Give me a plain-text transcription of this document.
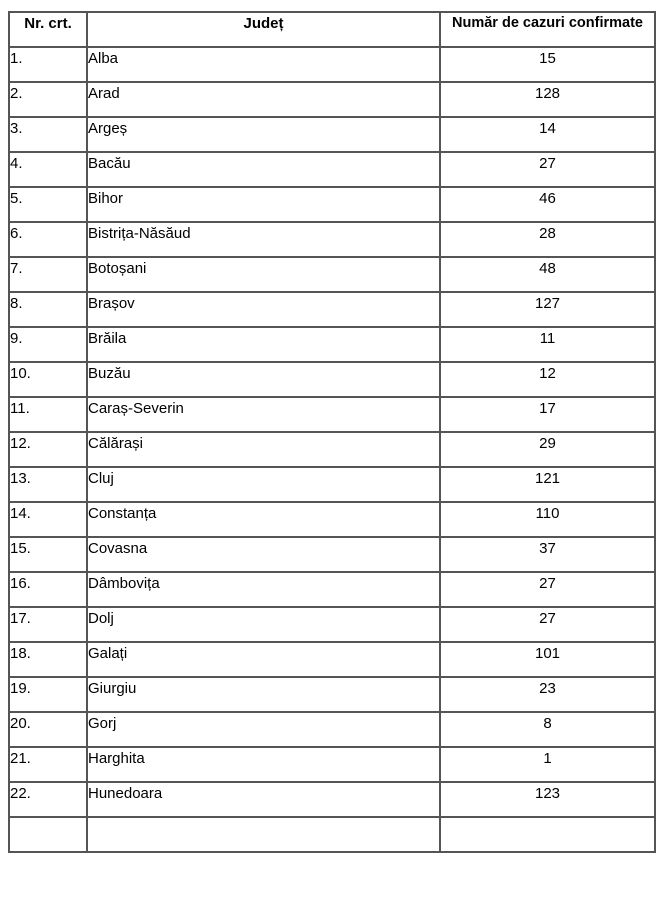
Nr. crt.	Județ	Număr de cazuri confirmate
1.	Alba	15
2.	Arad	128
3.	Argeș	14
4.	Bacău	27
5.	Bihor	46
6.	Bistrița-Năsăud	28
7.	Botoșani	48
8.	Brașov	127
9.	Brăila	11
10.	Buzău	12
11.	Caraș-Severin	17
12.	Călărași	29
13.	Cluj	121
14.	Constanța	110
15.	Covasna	37
16.	Dâmbovița	27
17.	Dolj	27
18.	Galați	101
19.	Giurgiu	23
20.	Gorj	8
21.	Harghita	1
22.	Hunedoara	123
